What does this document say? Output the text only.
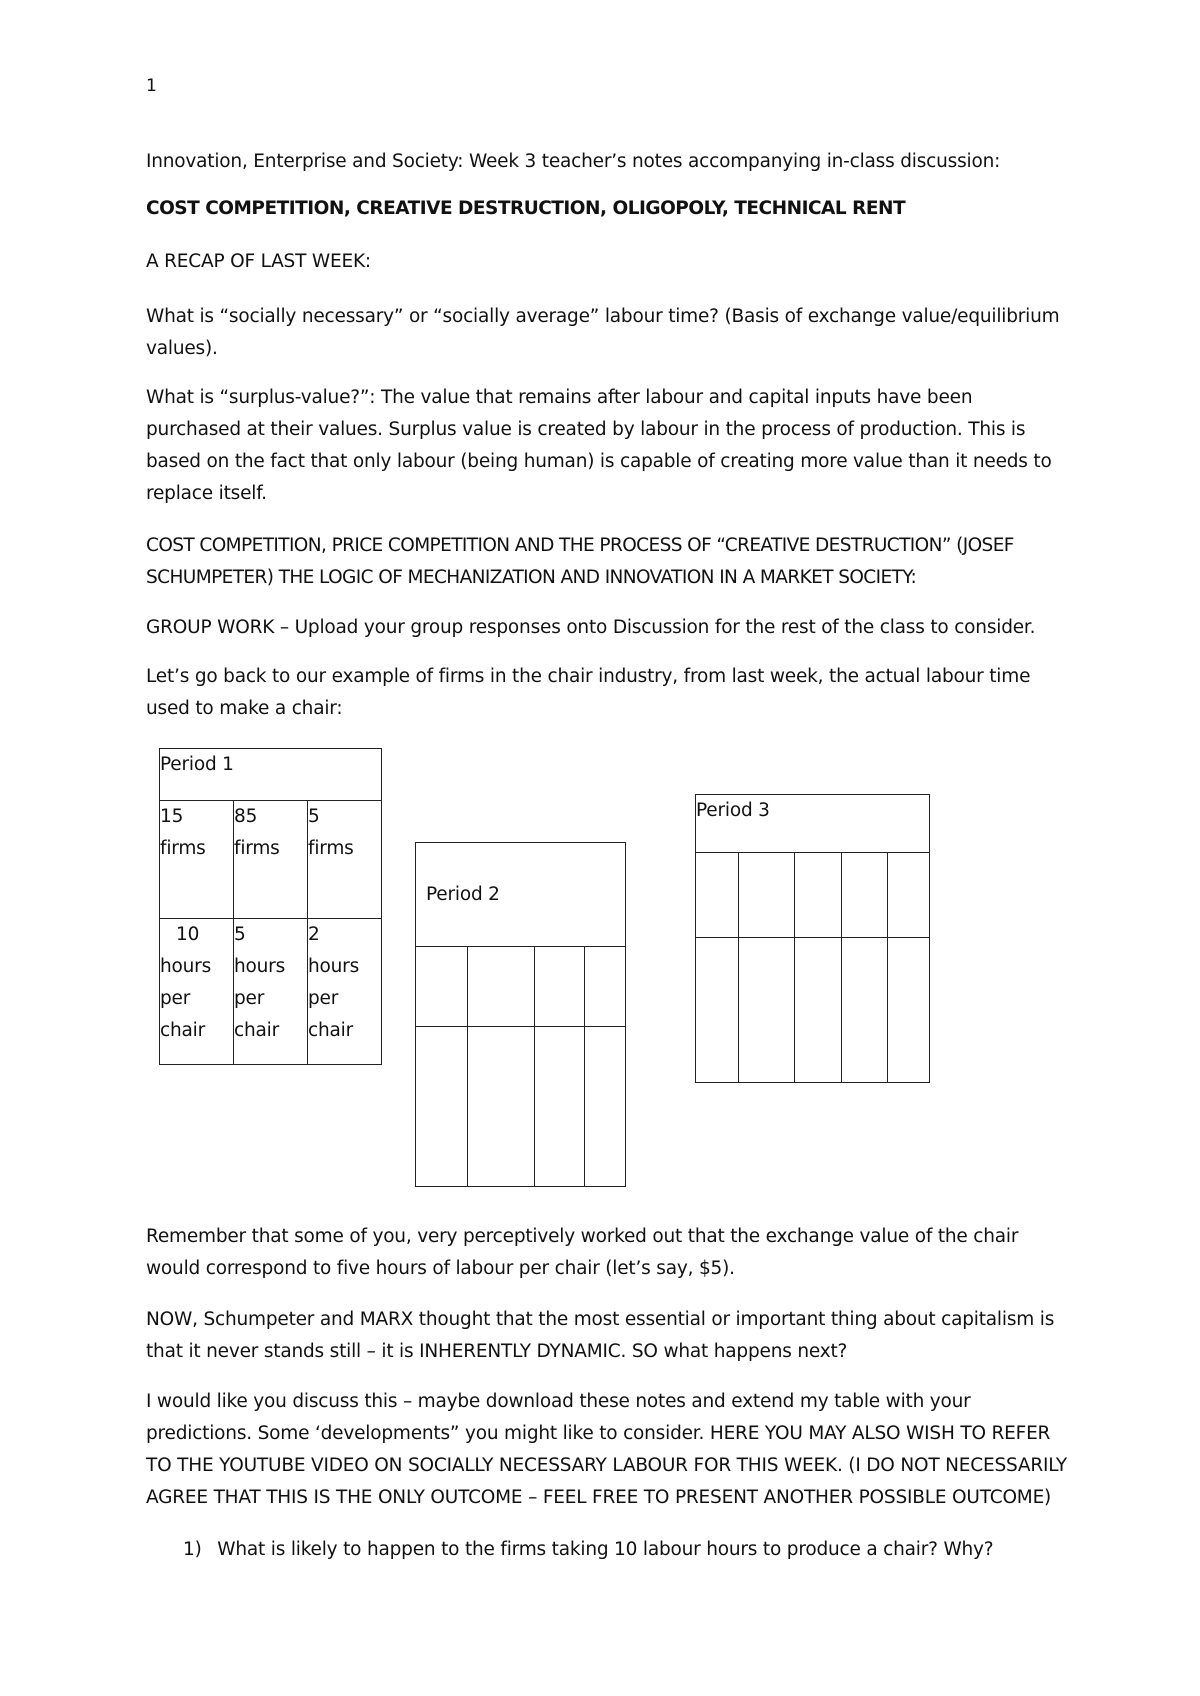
1

Innovation, Enterprise and Society: Week 3 teacher’s notes accompanying in-class discussion:

COST COMPETITION, CREATIVE DESTRUCTION, OLIGOPOLY, TECHNICAL RENT

A RECAP OF LAST WEEK:

What is “socially necessary” or “socially average” labour time? (Basis of exchange value/equilibrium
values).
What is “surplus-value?”: The value that remains after labour and capital inputs have been
purchased at their values. Surplus value is created by labour in the process of production. This is
based on the fact that only labour (being human) is capable of creating more value than it needs to
replace itself.
COST COMPETITION, PRICE COMPETITION AND THE PROCESS OF “CREATIVE DESTRUCTION” (JOSEF
SCHUMPETER) THE LOGIC OF MECHANIZATION AND INNOVATION IN A MARKET SOCIETY:

GROUP WORK – Upload your group responses onto Discussion for the rest of the class to consider.

Let’s go back to our example of firms in the chair industry, from last week, the actual labour time
used to make a chair:
Period 1		

15
firms	85
firms	5
firms

10
hours
per
chair	5
hours
per
chair	2
hours
per
chair
Period 2			

Period 3				

Remember that some of you, very perceptively worked out that the exchange value of the chair
would correspond to five hours of labour per chair (let’s say, $5).
NOW, Schumpeter and MARX thought that the most essential or important thing about capitalism is
that it never stands still – it is INHERENTLY DYNAMIC. SO what happens next?
I would like you discuss this – maybe download these notes and extend my table with your
predictions. Some ‘developments” you might like to consider. HERE YOU MAY ALSO WISH TO REFER
TO THE YOUTUBE VIDEO ON SOCIALLY NECESSARY LABOUR FOR THIS WEEK. (I DO NOT NECESSARILY
AGREE THAT THIS IS THE ONLY OUTCOME – FEEL FREE TO PRESENT ANOTHER POSSIBLE OUTCOME)
1) What is likely to happen to the firms taking 10 labour hours to produce a chair? Why?
